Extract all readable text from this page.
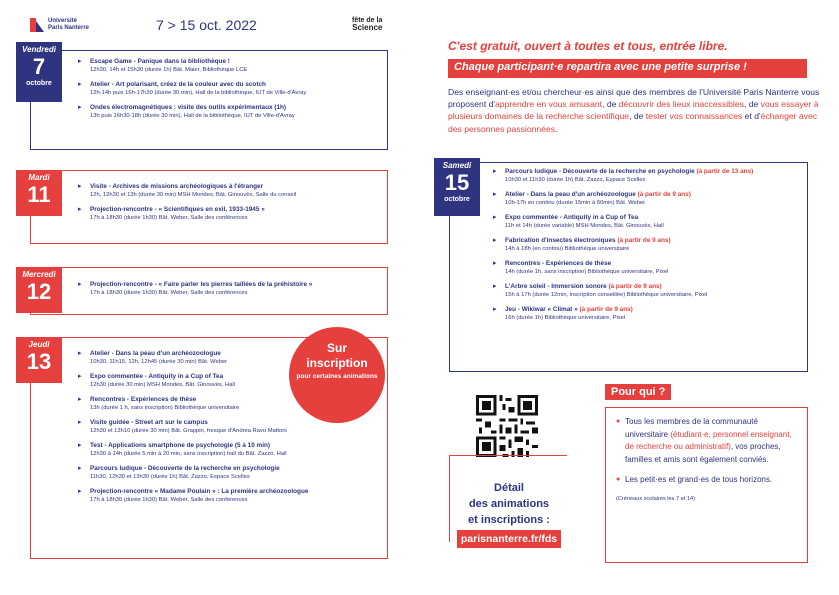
Université
Paris Nanterre	7 > 15 oct. 2022	fête de la
Science
Vendredi
7
octobre
▸ Escape Game - Panique dans la bibliothèque !
12h30, 14h et 15h30 (durée 1h) Bât. Maier, Bibliothèque LCE
▸ Atelier - Art polarisant, créez de la couleur avec du scotch
12h-14h puis 16h-17h30 (durée 30 min), Hall de la bibliothèque, IUT de Ville-d'Avray
▸ Ondes électromagnétiques : visite des outils expérimentaux (1h)
13h puis 16h30-18h (durée 30 min), Hall de la bibliothèque, IUT de Ville-d'Avray
Mardi
11	▸ Visite - Archives de missions archéologiques à l'étranger
12h, 12h30 et 13h (durée 30 min) MSH Mondes, Bât. Ginouvès, Salle du conseil
▸ Projection-rencontre - « Scientifiques en exil, 1933-1945 »
17h à 18h30 (durée 1h30) Bât. Weber, Salle des conférences
Mercredi
12	▸ Projection-rencontre - « Faire parler les pierres taillées de la préhistoire »
17h à 18h30 (durée 1h30) Bât. Weber, Salle des conférences
Jeudi
13	▸ Atelier - Dans la peau d'un archéozoologue
10h30, 11h15, 12h, 12h45 (durée 30 min) Bât. Weber
▸ Expo commentée - Antiquity in a Cup of Tea
12h30 (durée 30 min) MSH Mondes, Bât. Ginouvès, Hall
▸ Rencontres - Expériences de thèse
13h (durée 1 h, sans inscription) Bibliothèque universitaire
▸ Visite guidée - Street art sur le campus
12h30 et 13h10 (durée 30 min) Bât. Grappin, fresque d'Andrea Ravo Mattoni
▸ Test - Applications smartphone de psychologie (5 à 10 min)
12h30 à 14h (durée 5 min à 20 min, sans inscription) hall du Bât. Zazzo, Hall
▸ Parcours ludique - Découverte de la recherche en psychologie
11h30, 12h30 et 13h30 (durée 1h) Bât. Zazzo, Espace Scelles
▸ Projection-rencontre « Madame Poulain » : La première archéozoologue
17h à 18h30 (durée 1h30) Bât. Weber, Salle des conférences
Sur
inscription
pour certaines animations
C'est gratuit, ouvert à toutes et tous, entrée libre.
Chaque participant·e repartira avec une petite surprise !
Des enseignant·es et/ou chercheur·es ainsi que des membres de l'Université Paris Nanterre vous proposent d'apprendre en vous amusant, de découvrir des lieux inaccessibles, de vous essayer à plusieurs domaines de la recherche scientifique, de tester vos connaissances et d'échanger avec des personnes passionnées.
Samedi
15
octobre
▸ Parcours ludique - Découverte de la recherche en psychologie (à partir de 13 ans)
10h30 et 11h30 (durée 1h) Bât. Zazzo, Espace Scelles
▸ Atelier - Dans la peau d'un archéozoologue (à partir de 9 ans)
10h-17h en continu (durée 15min à 60min) Bât. Weber
▸ Expo commentée - Antiquity in a Cup of Tea
11h et 14h (durée variable) MSH Mondes, Bât. Ginouvès, Hall
▸ Fabrication d'insectes électroniques (à partir de 9 ans)
14h à 18h (en continu) Bibliothèque universitaire
▸ Rencontres - Expériences de thèse
14h (durée 1h, sans inscription) Bibliothèque universitaire, Pixel
▸ L'Arbre soleil - Immersion sonore (à partir de 9 ans)
15h à 17h (durée 12min, inscription conseillée) Bibliothèque universitaire, Pixel
▸ Jeu - Wikiwar « Climat » (à partir de 9 ans)
16h (durée 1h) Bibliothèque universitaire, Pixel
Détail
des animations
et inscriptions :
parisnanterre.fr/fds
Pour qui ?
● Tous les membres de la communauté universitaire (étudiant·e, personnel enseignant, de recherche ou administratif), vos proches, familles et amis sont également conviés.
● Les petit·es et grand·es de tous horizons.
(Créneaux scolaires les 7 et 14)
